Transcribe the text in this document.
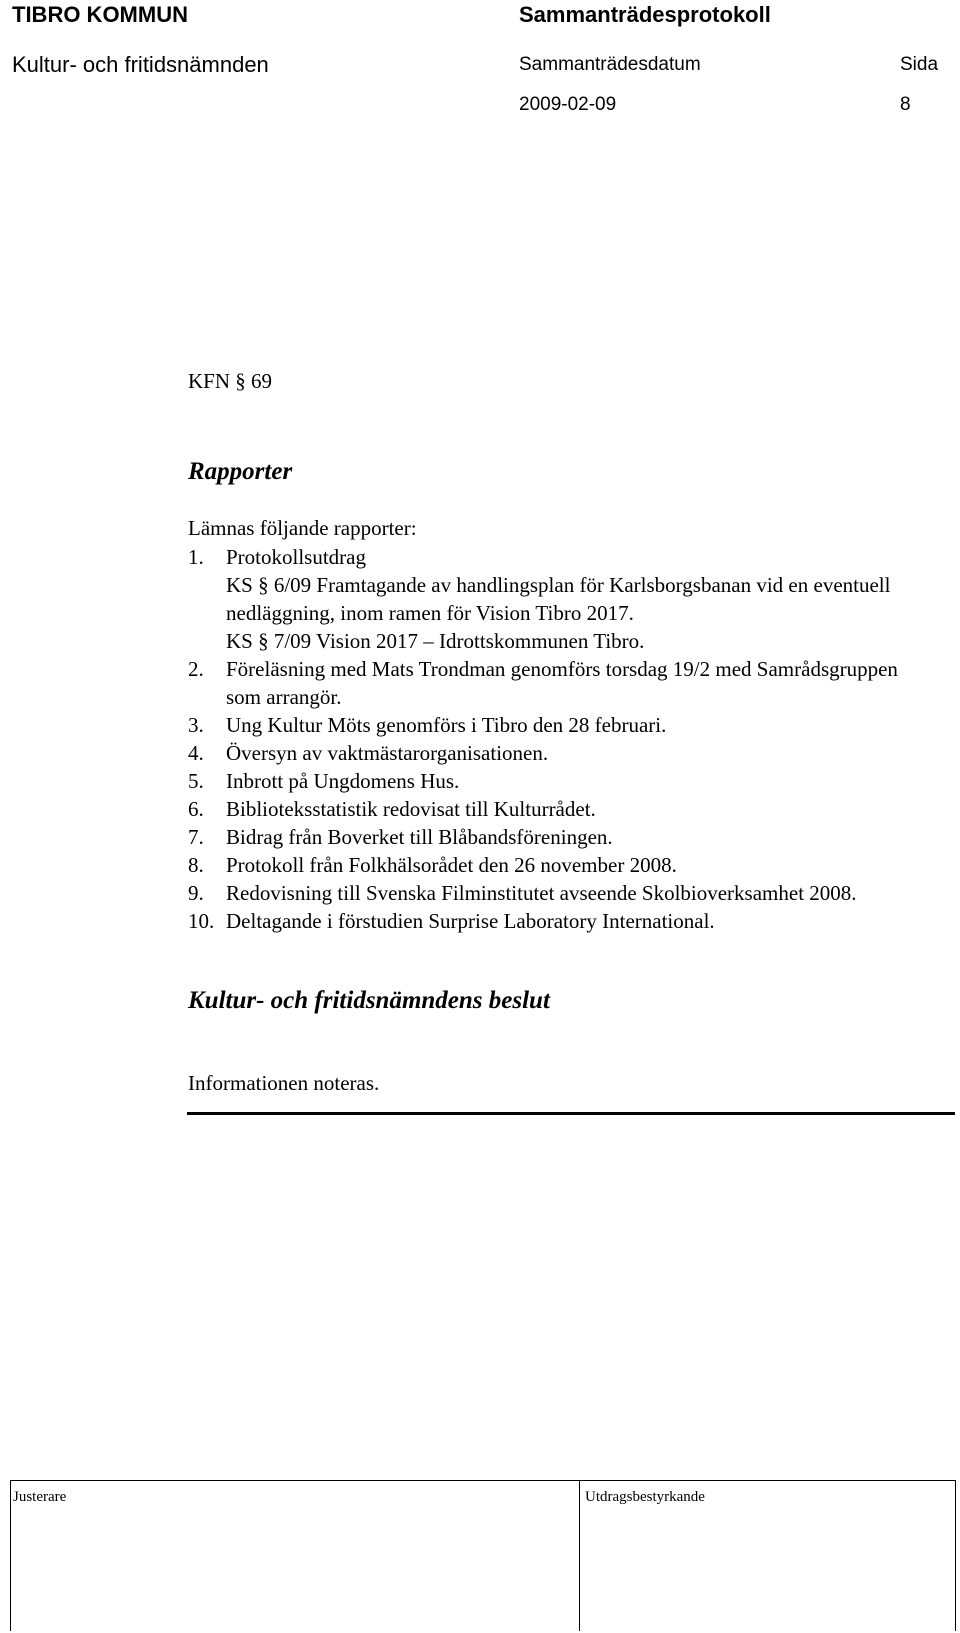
TIBRO KOMMUN	Sammanträdesprotokoll
Kultur- och fritidsnämnden	Sammanträdesdatum	Sida
2009-02-09	8
KFN § 69
Rapporter
Lämnas följande rapporter:
1.	Protokollsutdrag
KS § 6/09 Framtagande av handlingsplan för Karlsborgsbanan vid en eventuell nedläggning, inom ramen för Vision Tibro 2017.
KS § 7/09 Vision 2017 – Idrottskommunen Tibro.
2.	Föreläsning med Mats Trondman genomförs torsdag 19/2 med Samrådsgruppen som arrangör.
3.	Ung Kultur Möts genomförs i Tibro den 28 februari.
4.	Översyn av vaktmästarorganisationen.
5.	Inbrott på Ungdomens Hus.
6.	Biblioteksstatistik redovisat till Kulturrådet.
7.	Bidrag från Boverket till Blåbandsföreningen.
8.	Protokoll från Folkhälsorådet den 26 november 2008.
9.	Redovisning till Svenska Filminstitutet avseende Skolbioverksamhet 2008.
10. Deltagande i förstudien Surprise Laboratory International.
Kultur- och fritidsnämndens beslut
Informationen noteras.
Justerare	Utdragsbestyrkande
